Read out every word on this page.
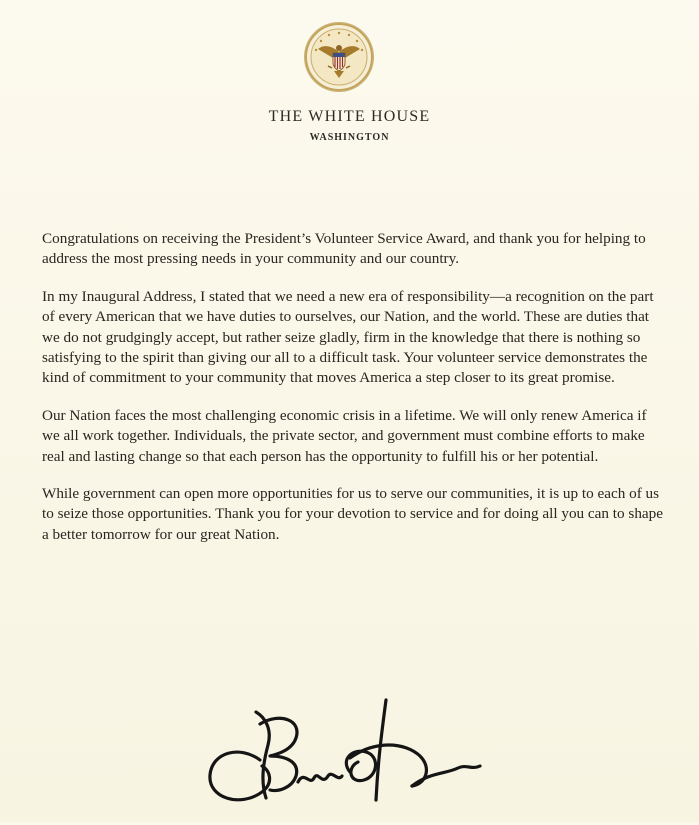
THE WHITE HOUSE
WASHINGTON

Congratulations on receiving the President’s Volunteer Service Award, and thank you for helping to address the most pressing needs in your community and our country.

In my Inaugural Address, I stated that we need a new era of responsibility—a recognition on the part of every American that we have duties to ourselves, our Nation, and the world. These are duties that we do not grudgingly accept, but rather seize gladly, firm in the knowledge that there is nothing so satisfying to the spirit than giving our all to a difficult task. Your volunteer service demonstrates the kind of commitment to your community that moves America a step closer to its great promise.

Our Nation faces the most challenging economic crisis in a lifetime. We will only renew America if we all work together. Individuals, the private sector, and government must combine efforts to make real and lasting change so that each person has the opportunity to fulfill his or her potential.

While government can open more opportunities for us to serve our communities, it is up to each of us to seize those opportunities. Thank you for your devotion to service and for doing all you can to shape a better tomorrow for our great Nation.
